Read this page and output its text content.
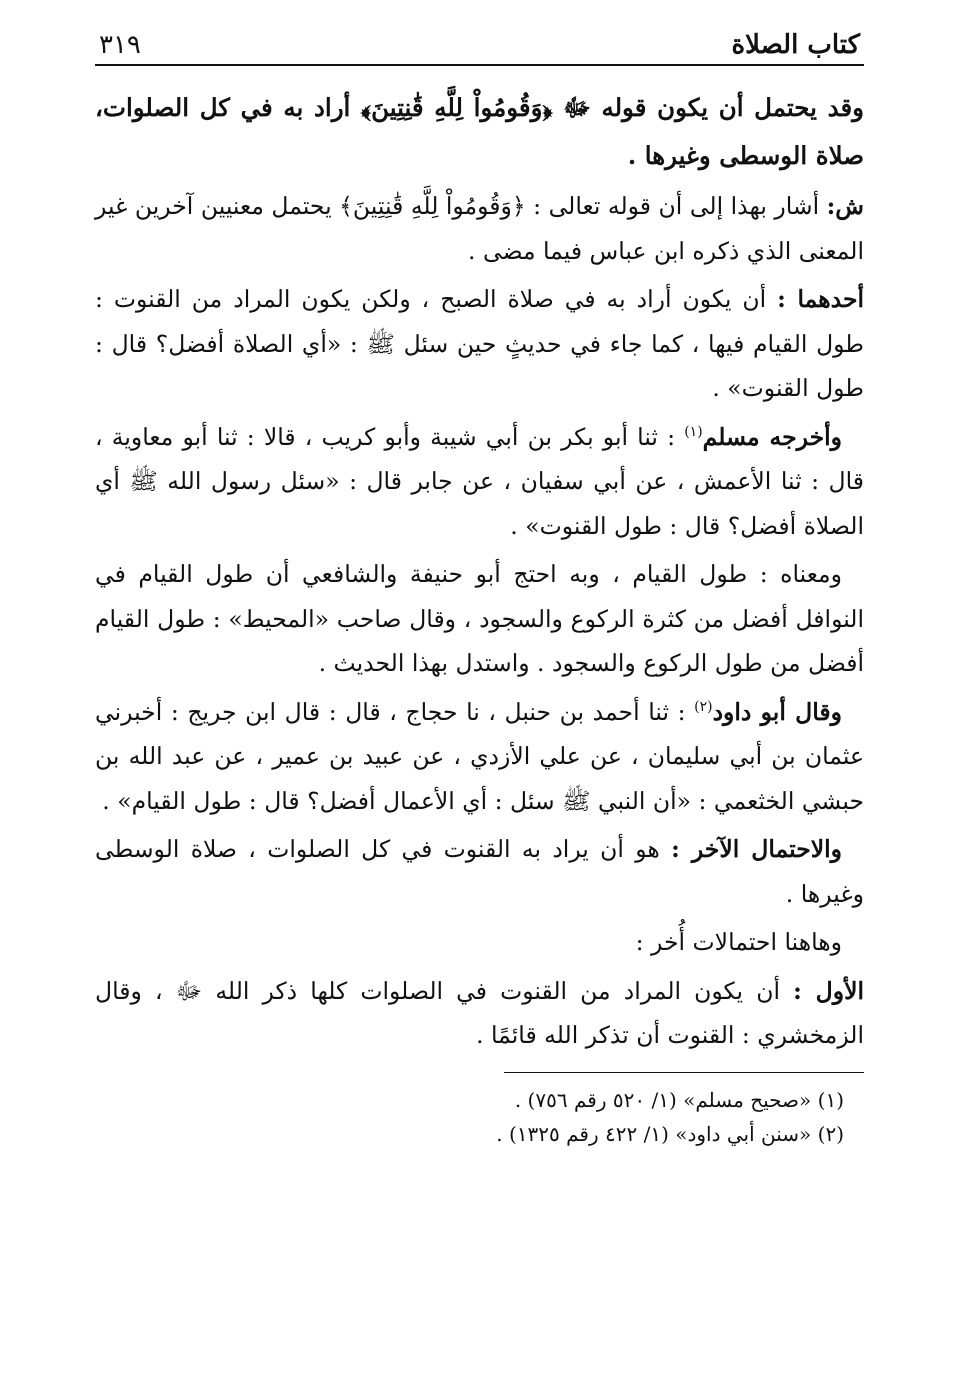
كتاب الصلاة
٣١٩

وقد يحتمل أن يكون قوله ﷻ ﴿وَقُومُواْ لِلَّهِ قَٰنِتِينَ﴾ أراد به في كل الصلوات، صلاة الوسطى وغيرها .

ش: أشار بهذا إلى أن قوله تعالى : ﴿وَقُومُواْ لِلَّهِ قَٰنِتِينَ﴾ يحتمل معنيين آخرين غير المعنى الذي ذكره ابن عباس فيما مضى .

أحدهما : أن يكون أراد به في صلاة الصبح ، ولكن يكون المراد من القنوت : طول القيام فيها ، كما جاء في حديثٍ حين سئل ﷺ : «أي الصلاة أفضل؟ قال : طول القنوت» .

وأخرجه مسلم$^{(١)}$ : ثنا أبو بكر بن أبي شيبة وأبو كريب ، قالا : ثنا أبو معاوية ، قال : ثنا الأعمش ، عن أبي سفيان ، عن جابر قال : «سئل رسول الله ﷺ أي الصلاة أفضل؟ قال : طول القنوت» .

ومعناه : طول القيام ، وبه احتج أبو حنيفة والشافعي أن طول القيام في النوافل أفضل من كثرة الركوع والسجود ، وقال صاحب «المحيط» : طول القيام أفضل من طول الركوع والسجود . واستدل بهذا الحديث .

وقال أبو داود$^{(٢)}$ : ثنا أحمد بن حنبل ، نا حجاج ، قال : قال ابن جريج : أخبرني عثمان بن أبي سليمان ، عن علي الأزدي ، عن عبيد بن عمير ، عن عبد الله بن حبشي الخثعمي : «أن النبي ﷺ سئل : أي الأعمال أفضل؟ قال : طول القيام» .

والاحتمال الآخر : هو أن يراد به القنوت في كل الصلوات ، صلاة الوسطى وغيرها .

وهاهنا احتمالات أُخر :

الأول : أن يكون المراد من القنوت في الصلوات كلها ذكر الله ﷻ ، وقال الزمخشري : القنوت أن تذكر الله قائمًا .

(١) «صحيح مسلم» (١/ ٥٢٠ رقم ٧٥٦) .

(٢) «سنن أبي داود» (١/ ٤٢٢ رقم ١٣٢٥) .
